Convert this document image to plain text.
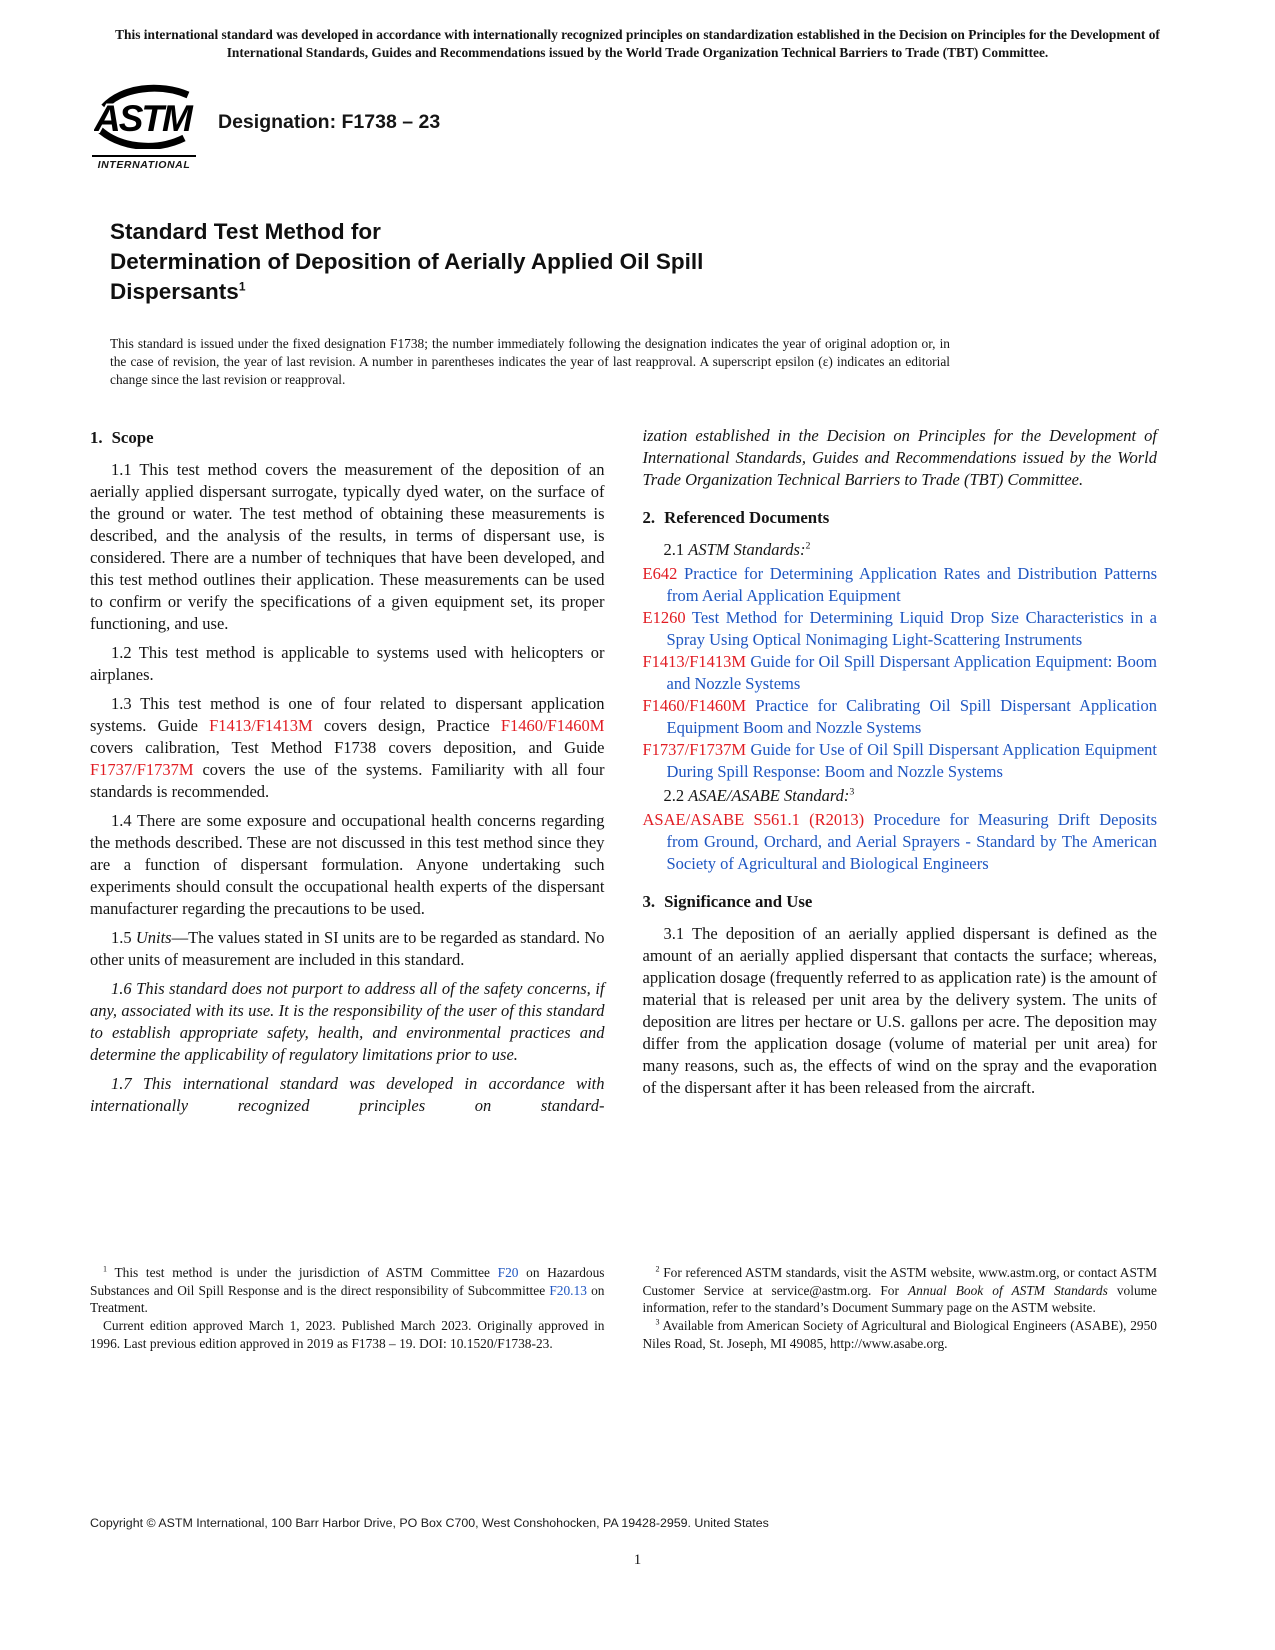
This international standard was developed in accordance with internationally recognized principles on standardization established in the Decision on Principles for the Development of International Standards, Guides and Recommendations issued by the World Trade Organization Technical Barriers to Trade (TBT) Committee.

ASTM
INTERNATIONAL
Designation: F1738 – 23
Standard Test Method for
Determination of Deposition of Aerially Applied Oil Spill
Dispersants$^1$

This standard is issued under the fixed designation F1738; the number immediately following the designation indicates the year of original adoption or, in the case of revision, the year of last revision. A number in parentheses indicates the year of last reapproval. A superscript epsilon (ε) indicates an editorial change since the last revision or reapproval.

1. Scope

1.1 This test method covers the measurement of the deposition of an aerially applied dispersant surrogate, typically dyed water, on the surface of the ground or water. The test method of obtaining these measurements is described, and the analysis of the results, in terms of dispersant use, is considered. There are a number of techniques that have been developed, and this test method outlines their application. These measurements can be used to confirm or verify the specifications of a given equipment set, its proper functioning, and use.

1.2 This test method is applicable to systems used with helicopters or airplanes.

1.3 This test method is one of four related to dispersant application systems. Guide F1413/F1413M covers design, Practice F1460/F1460M covers calibration, Test Method F1738 covers deposition, and Guide F1737/F1737M covers the use of the systems. Familiarity with all four standards is recommended.

1.4 There are some exposure and occupational health concerns regarding the methods described. These are not discussed in this test method since they are a function of dispersant formulation. Anyone undertaking such experiments should consult the occupational health experts of the dispersant manufacturer regarding the precautions to be used.

1.5 Units—The values stated in SI units are to be regarded as standard. No other units of measurement are included in this standard.

1.6 This standard does not purport to address all of the safety concerns, if any, associated with its use. It is the responsibility of the user of this standard to establish appropriate safety, health, and environmental practices and determine the applicability of regulatory limitations prior to use.

1.7 This international standard was developed in accordance with internationally recognized principles on standard-

ization established in the Decision on Principles for the Development of International Standards, Guides and Recommendations issued by the World Trade Organization Technical Barriers to Trade (TBT) Committee.

2. Referenced Documents

2.1 ASTM Standards:$^2$

E642 Practice for Determining Application Rates and Distribution Patterns from Aerial Application Equipment
E1260 Test Method for Determining Liquid Drop Size Characteristics in a Spray Using Optical Nonimaging Light-Scattering Instruments
F1413/F1413M Guide for Oil Spill Dispersant Application Equipment: Boom and Nozzle Systems
F1460/F1460M Practice for Calibrating Oil Spill Dispersant Application Equipment Boom and Nozzle Systems
F1737/F1737M Guide for Use of Oil Spill Dispersant Application Equipment During Spill Response: Boom and Nozzle Systems

2.2 ASAE/ASABE Standard:$^3$

ASAE/ASABE S561.1 (R2013) Procedure for Measuring Drift Deposits from Ground, Orchard, and Aerial Sprayers - Standard by The American Society of Agricultural and Biological Engineers
3. Significance and Use

3.1 The deposition of an aerially applied dispersant is defined as the amount of an aerially applied dispersant that contacts the surface; whereas, application dosage (frequently referred to as application rate) is the amount of material that is released per unit area by the delivery system. The units of deposition are litres per hectare or U.S. gallons per acre. The deposition may differ from the application dosage (volume of material per unit area) for many reasons, such as, the effects of wind on the spray and the evaporation of the dispersant after it has been released from the aircraft.

$^1$ This test method is under the jurisdiction of ASTM Committee F20 on Hazardous Substances and Oil Spill Response and is the direct responsibility of Subcommittee F20.13 on Treatment.

Current edition approved March 1, 2023. Published March 2023. Originally approved in 1996. Last previous edition approved in 2019 as F1738 – 19. DOI: 10.1520/F1738-23.

$^2$ For referenced ASTM standards, visit the ASTM website, www.astm.org, or contact ASTM Customer Service at service@astm.org. For Annual Book of ASTM Standards volume information, refer to the standard’s Document Summary page on the ASTM website.

$^3$ Available from American Society of Agricultural and Biological Engineers (ASABE), 2950 Niles Road, St. Joseph, MI 49085, http://www.asabe.org.

Copyright © ASTM International, 100 Barr Harbor Drive, PO Box C700, West Conshohocken, PA 19428-2959. United States

1
